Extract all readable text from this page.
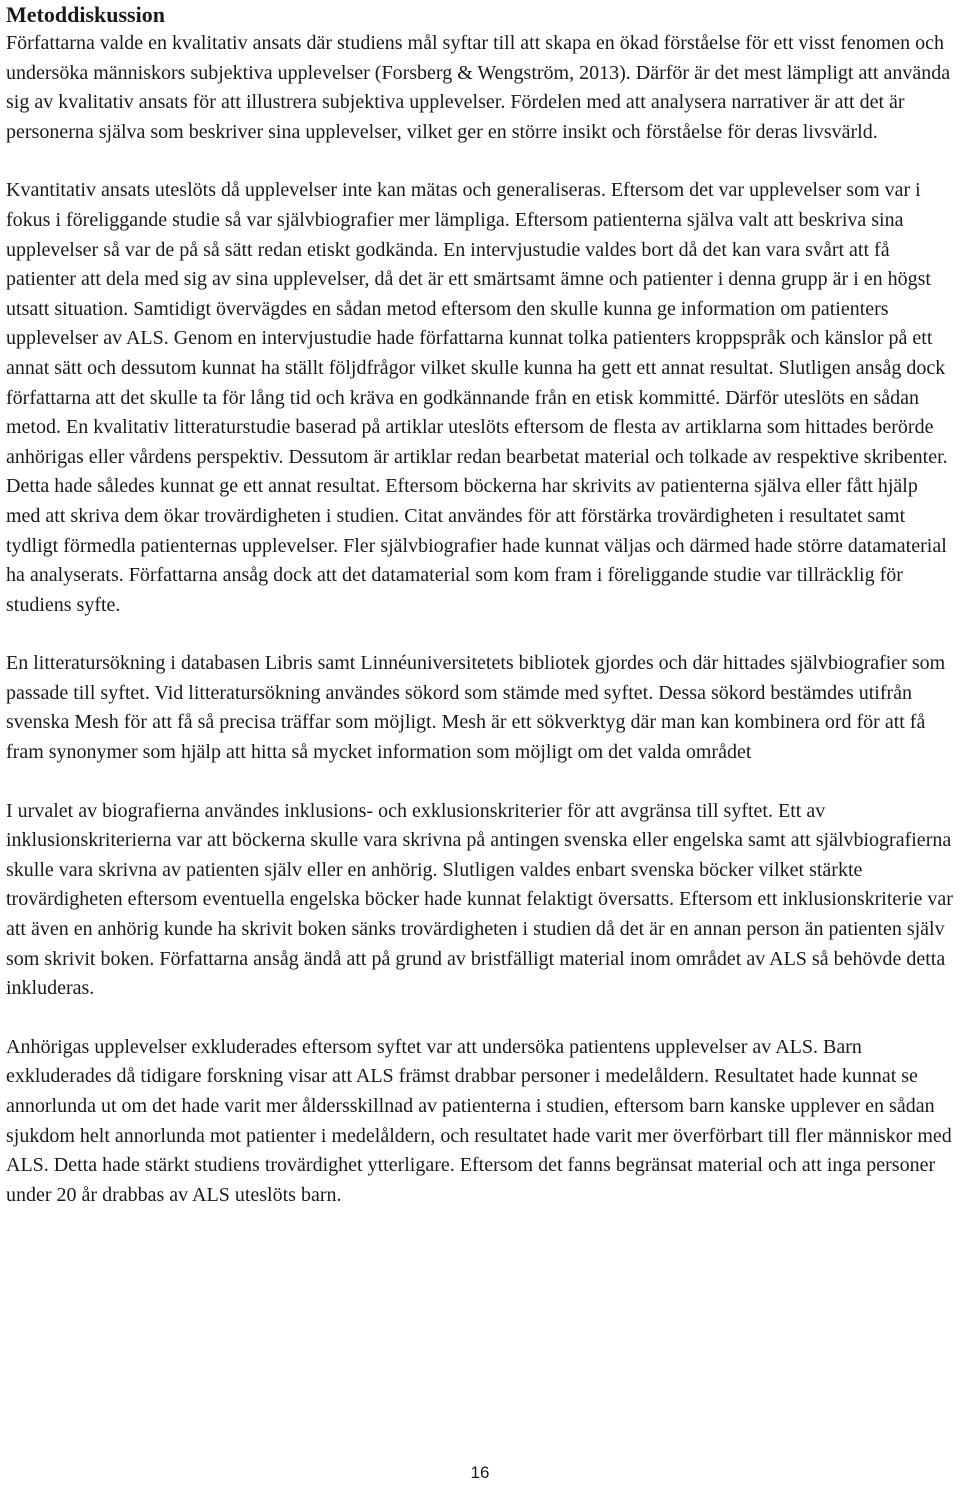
Metoddiskussion

Författarna valde en kvalitativ ansats där studiens mål syftar till att skapa en ökad förståelse för ett visst fenomen och undersöka människors subjektiva upplevelser (Forsberg & Wengström, 2013). Därför är det mest lämpligt att använda sig av kvalitativ ansats för att illustrera subjektiva upplevelser. Fördelen med att analysera narrativer är att det är personerna själva som beskriver sina upplevelser, vilket ger en större insikt och förståelse för deras livsvärld.

Kvantitativ ansats uteslöts då upplevelser inte kan mätas och generaliseras. Eftersom det var upplevelser som var i fokus i föreliggande studie så var självbiografier mer lämpliga. Eftersom patienterna själva valt att beskriva sina upplevelser så var de på så sätt redan etiskt godkända. En intervjustudie valdes bort då det kan vara svårt att få patienter att dela med sig av sina upplevelser, då det är ett smärtsamt ämne och patienter i denna grupp är i en högst utsatt situation. Samtidigt övervägdes en sådan metod eftersom den skulle kunna ge information om patienters upplevelser av ALS. Genom en intervjustudie hade författarna kunnat tolka patienters kroppspråk och känslor på ett annat sätt och dessutom kunnat ha ställt följdfrågor vilket skulle kunna ha gett ett annat resultat. Slutligen ansåg dock författarna att det skulle ta för lång tid och kräva en godkännande från en etisk kommitté. Därför uteslöts en sådan metod. En kvalitativ litteraturstudie baserad på artiklar uteslöts eftersom de flesta av artiklarna som hittades berörde anhörigas eller vårdens perspektiv. Dessutom är artiklar redan bearbetat material och tolkade av respektive skribenter. Detta hade således kunnat ge ett annat resultat. Eftersom böckerna har skrivits av patienterna själva eller fått hjälp med att skriva dem ökar trovärdigheten i studien. Citat användes för att förstärka trovärdigheten i resultatet samt tydligt förmedla patienternas upplevelser. Fler självbiografier hade kunnat väljas och därmed hade större datamaterial ha analyserats. Författarna ansåg dock att det datamaterial som kom fram i föreliggande studie var tillräcklig för studiens syfte.

En litteratursökning i databasen Libris samt Linnéuniversitetets bibliotek gjordes och där hittades självbiografier som passade till syftet. Vid litteratursökning användes sökord som stämde med syftet. Dessa sökord bestämdes utifrån svenska Mesh för att få så precisa träffar som möjligt. Mesh är ett sökverktyg där man kan kombinera ord för att få fram synonymer som hjälp att hitta så mycket information som möjligt om det valda området

I urvalet av biografierna användes inklusions- och exklusionskriterier för att avgränsa till syftet. Ett av inklusionskriterierna var att böckerna skulle vara skrivna på antingen svenska eller engelska samt att självbiografierna skulle vara skrivna av patienten själv eller en anhörig. Slutligen valdes enbart svenska böcker vilket stärkte trovärdigheten eftersom eventuella engelska böcker hade kunnat felaktigt översatts. Eftersom ett inklusionskriterie var att även en anhörig kunde ha skrivit boken sänks trovärdigheten i studien då det är en annan person än patienten själv som skrivit boken. Författarna ansåg ändå att på grund av bristfälligt material inom området av ALS så behövde detta inkluderas.

Anhörigas upplevelser exkluderades eftersom syftet var att undersöka patientens upplevelser av ALS. Barn exkluderades då tidigare forskning visar att ALS främst drabbar personer i medelåldern. Resultatet hade kunnat se annorlunda ut om det hade varit mer åldersskillnad av patienterna i studien, eftersom barn kanske upplever en sådan sjukdom helt annorlunda mot patienter i medelåldern, och resultatet hade varit mer överförbart till fler människor med ALS. Detta hade stärkt studiens trovärdighet ytterligare. Eftersom det fanns begränsat material och att inga personer under 20 år drabbas av ALS uteslöts barn.

16
